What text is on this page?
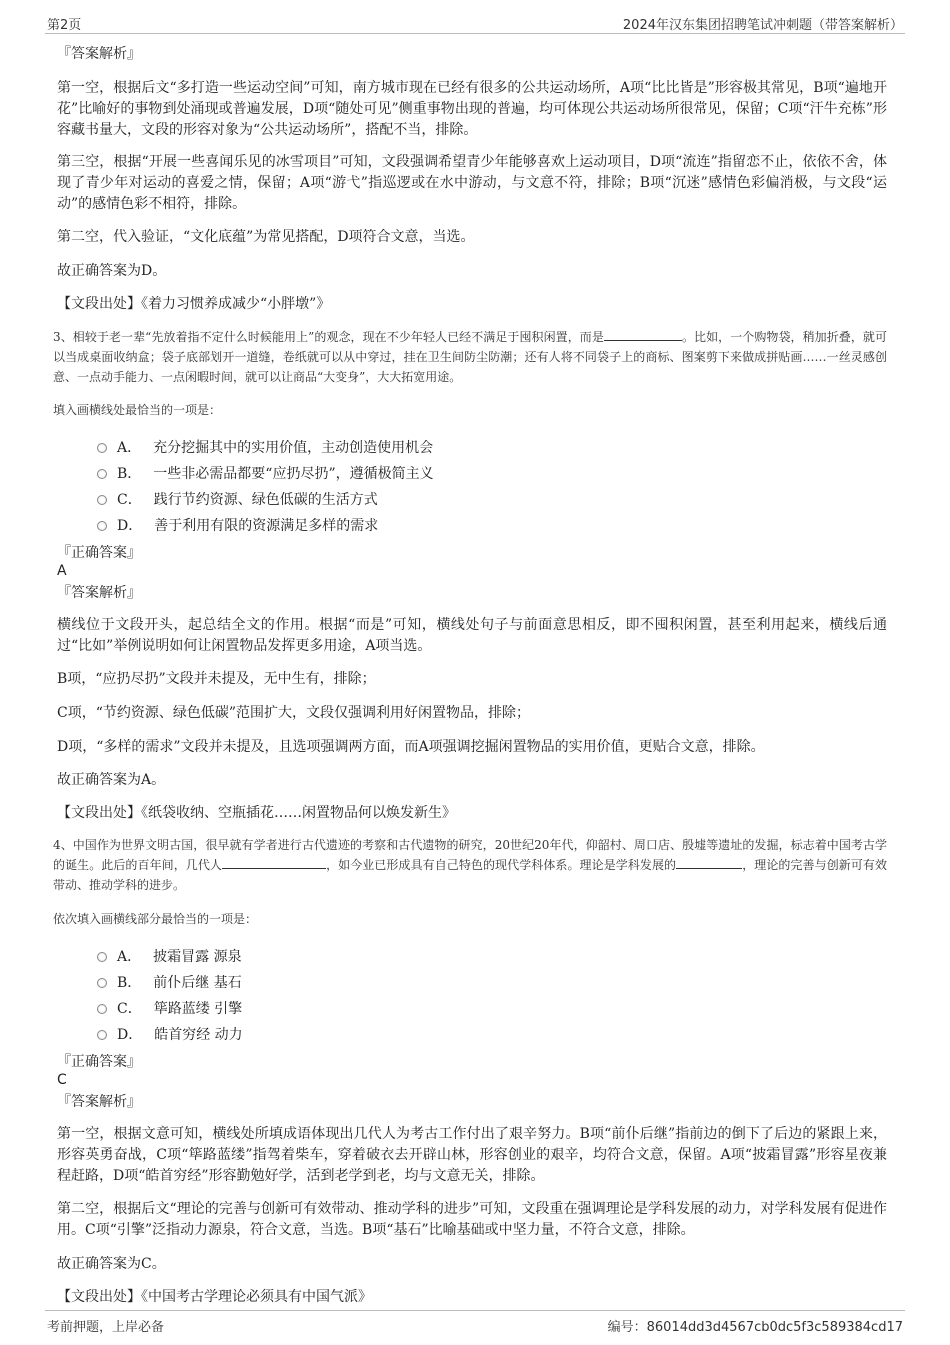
第2页	2024年汉东集团招聘笔试冲刺题（带答案解析）
『答案解析』
第一空，根据后文“多打造一些运动空间”可知，南方城市现在已经有很多的公共运动场所，A项“比比皆是”形容极其常见，B项“遍地开花”比喻好的事物到处涌现或普遍发展，D项“随处可见”侧重事物出现的普遍，均可体现公共运动场所很常见，保留；C项“汗牛充栋”形容藏书量大，文段的形容对象为“公共运动场所”，搭配不当，排除。
第三空，根据“开展一些喜闻乐见的冰雪项目”可知，文段强调希望青少年能够喜欢上运动项目，D项“流连”指留恋不止，依依不舍，体现了青少年对运动的喜爱之情，保留；A项“游弋”指巡逻或在水中游动，与文意不符，排除；B项“沉迷”感情色彩偏消极，与文段“运动”的感情色彩不相符，排除。
第二空，代入验证，“文化底蕴”为常见搭配，D项符合文意，当选。
故正确答案为D。
【文段出处】《着力习惯养成减少“小胖墩”》
3、相较于老一辈“先放着指不定什么时候能用上”的观念，现在不少年轻人已经不满足于囤积闲置，而是	。比如，一个购物袋，稍加折叠，就可以当成桌面收纳盒；袋子底部划开一道缝，卷纸就可以从中穿过，挂在卫生间防尘防潮；还有人将不同袋子上的商标、图案剪下来做成拼贴画……一丝灵感创意、一点动手能力、一点闲暇时间，就可以让商品“大变身”，大大拓宽用途。
填入画横线处最恰当的一项是：
A． 充分挖掘其中的实用价值，主动创造使用机会
B． 一些非必需品都要“应扔尽扔”，遵循极简主义
C． 践行节约资源、绿色低碳的生活方式
D． 善于利用有限的资源满足多样的需求
『正确答案』
A
『答案解析』
横线位于文段开头，起总结全文的作用。根据“而是”可知，横线处句子与前面意思相反，即不囤积闲置，甚至利用起来，横线后通过“比如”举例说明如何让闲置物品发挥更多用途，A项当选。
B项，“应扔尽扔”文段并未提及，无中生有，排除；
C项，“节约资源、绿色低碳”范围扩大，文段仅强调利用好闲置物品，排除；
D项，“多样的需求”文段并未提及，且选项强调两方面，而A项强调挖掘闲置物品的实用价值，更贴合文意，排除。
故正确答案为A。
【文段出处】《纸袋收纳、空瓶插花……闲置物品何以焕发新生》
4、中国作为世界文明古国，很早就有学者进行古代遗迹的考察和古代遗物的研究，20世纪20年代，仰韶村、周口店、殷墟等遗址的发掘，标志着中国考古学的诞生。此后的百年间，几代人	，如今业已形成具有自己特色的现代学科体系。理论是学科发展的	，理论的完善与创新可有效带动、推动学科的进步。
依次填入画横线部分最恰当的一项是：
A． 披霜冒露 源泉
B． 前仆后继 基石
C． 筚路蓝缕 引擎
D． 皓首穷经 动力
『正确答案』
C
『答案解析』
第一空，根据文意可知，横线处所填成语体现出几代人为考古工作付出了艰辛努力。B项“前仆后继”指前边的倒下了后边的紧跟上来，形容英勇奋战，C项“筚路蓝缕”指驾着柴车，穿着破衣去开辟山林，形容创业的艰辛，均符合文意，保留。A项“披霜冒露”形容星夜兼程赶路，D项“皓首穷经”形容勤勉好学，活到老学到老，均与文意无关，排除。
第二空，根据后文“理论的完善与创新可有效带动、推动学科的进步”可知，文段重在强调理论是学科发展的动力，对学科发展有促进作用。C项“引擎”泛指动力源泉，符合文意，当选。B项“基石”比喻基础或中坚力量，不符合文意，排除。
故正确答案为C。
【文段出处】《中国考古学理论必须具有中国气派》
考前押题，上岸必备	编号：86014dd3d4567cb0dc5f3c589384cd17
